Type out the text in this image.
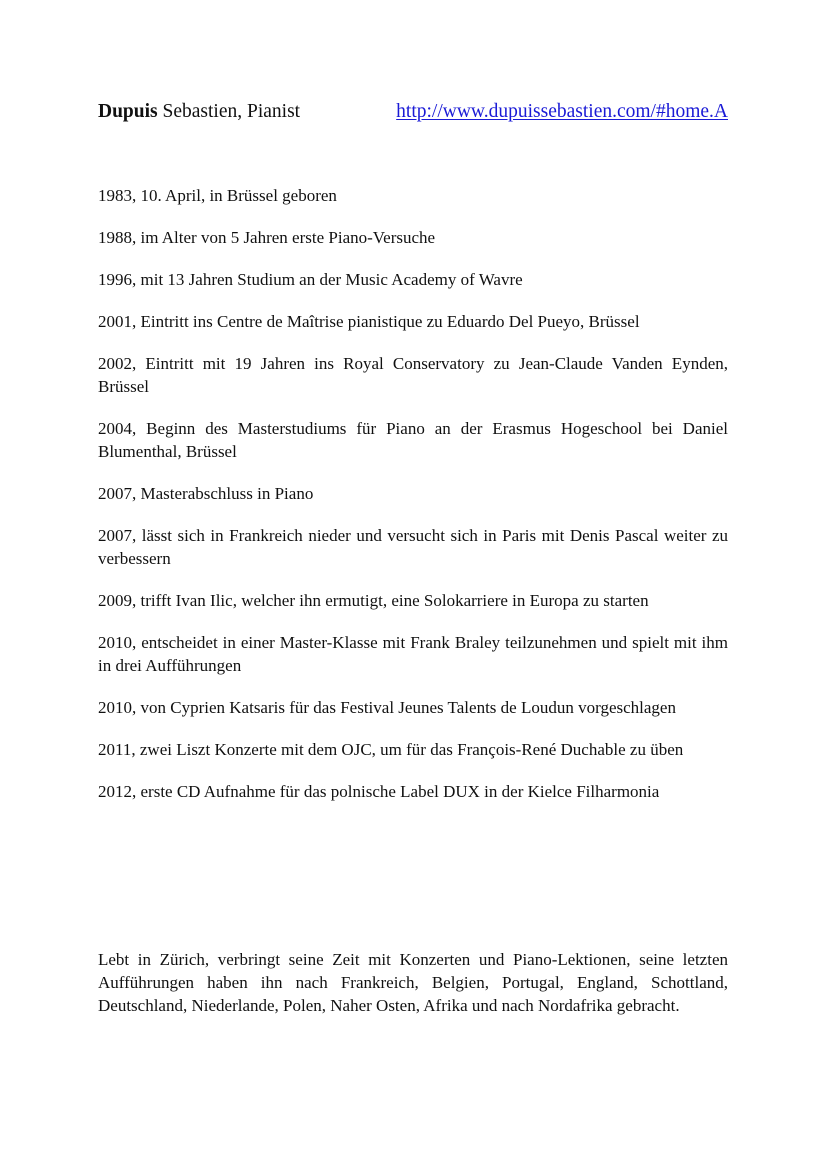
Dupuis Sebastien, Pianist	http://www.dupuissebastien.com/#home.A

1983, 10. April, in Brüssel geboren

1988, im Alter von 5 Jahren erste Piano-Versuche

1996, mit 13 Jahren Studium an der Music Academy of Wavre

2001, Eintritt ins Centre de Maîtrise pianistique zu Eduardo Del Pueyo, Brüssel

2002, Eintritt mit 19 Jahren ins Royal Conservatory zu Jean-Claude Vanden Eynden, Brüssel

2004, Beginn des Masterstudiums für Piano an der Erasmus Hogeschool bei Daniel Blumenthal, Brüssel

2007, Masterabschluss in Piano

2007, lässt sich in Frankreich nieder und versucht sich in Paris mit Denis Pascal weiter zu verbessern

2009, trifft Ivan Ilic, welcher ihn ermutigt, eine Solokarriere in Europa zu starten

2010, entscheidet in einer Master-Klasse mit Frank Braley teilzunehmen und spielt mit ihm in drei Aufführungen

2010, von Cyprien Katsaris für das Festival Jeunes Talents de Loudun vorgeschlagen

2011, zwei Liszt Konzerte mit dem OJC, um für das François-René Duchable zu üben

2012, erste CD Aufnahme für das polnische Label DUX in der Kielce Filharmonia

Lebt in Zürich, verbringt seine Zeit mit Konzerten und Piano-Lektionen, seine letzten Aufführungen haben ihn nach Frankreich, Belgien, Portugal, England, Schottland, Deutschland, Niederlande, Polen, Naher Osten, Afrika und nach Nordafrika gebracht.
